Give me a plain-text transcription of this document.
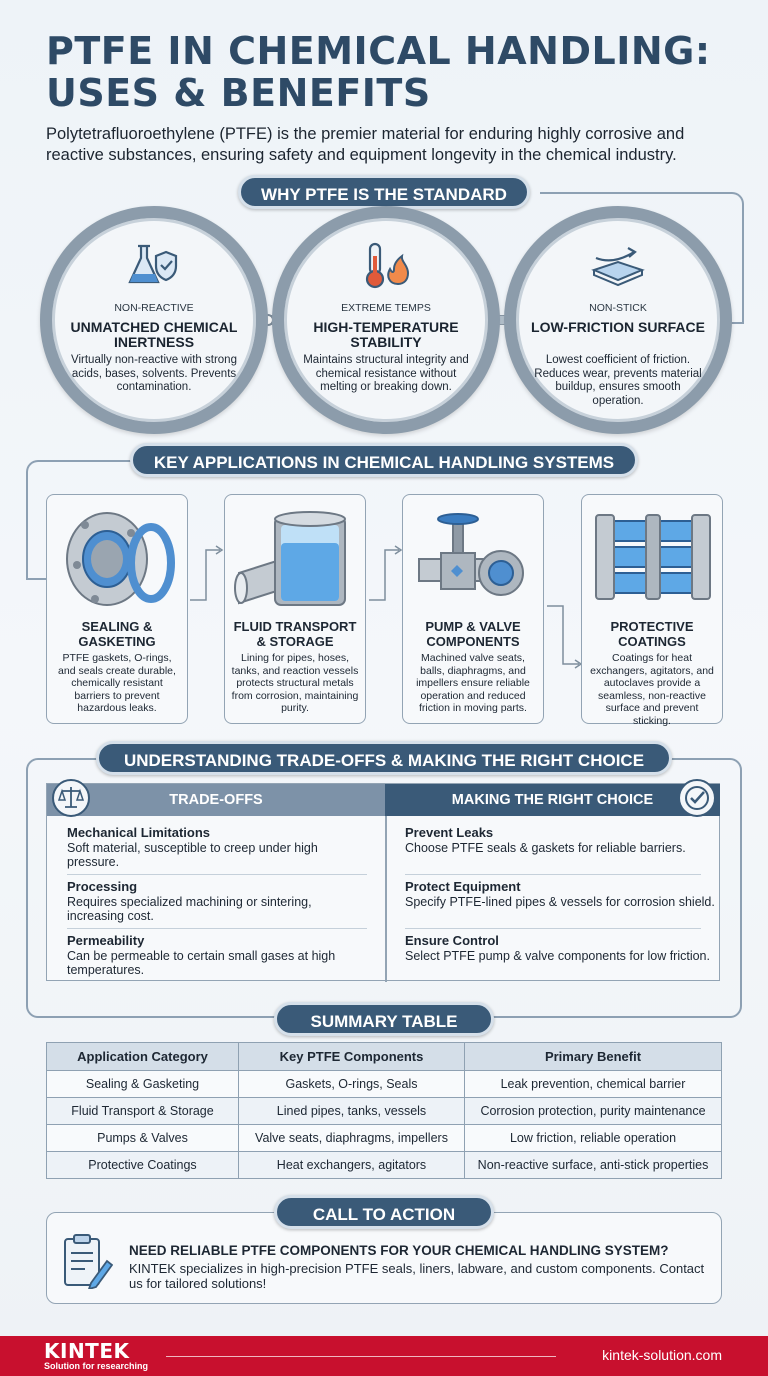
PTFE IN CHEMICAL HANDLING:
USES & BENEFITS
Polytetrafluoroethylene (PTFE) is the premier material for enduring highly corrosive and reactive substances, ensuring safety and equipment longevity in the chemical industry.
WHY PTFE IS THE STANDARD
NON-REACTIVE
UNMATCHED CHEMICAL INERTNESS
Virtually non-reactive with strong acids, bases, solvents. Prevents contamination.
EXTREME TEMPS
HIGH-TEMPERATURE STABILITY
Maintains structural integrity and chemical resistance without melting or breaking down.
NON-STICK
LOW-FRICTION SURFACE
Lowest coefficient of friction. Reduces wear, prevents material buildup, ensures smooth operation.
KEY APPLICATIONS IN CHEMICAL HANDLING SYSTEMS
SEALING & GASKETING
PTFE gaskets, O-rings, and seals create durable, chemically resistant barriers to prevent hazardous leaks.
FLUID TRANSPORT & STORAGE
Lining for pipes, hoses, tanks, and reaction vessels protects structural metals from corrosion, maintaining purity.
PUMP & VALVE COMPONENTS
Machined valve seats, balls, diaphragms, and impellers ensure reliable operation and reduced friction in moving parts.
PROTECTIVE COATINGS
Coatings for heat exchangers, agitators, and autoclaves provide a seamless, non-reactive surface and prevent sticking.
UNDERSTANDING TRADE-OFFS & MAKING THE RIGHT CHOICE
TRADE-OFFS	MAKING THE RIGHT CHOICE
Mechanical Limitations
Soft material, susceptible to creep under high pressure.
Processing
Requires specialized machining or sintering, increasing cost.
Permeability
Can be permeable to certain small gases at high temperatures.
Prevent Leaks
Choose PTFE seals & gaskets for reliable barriers.
Protect Equipment
Specify PTFE-lined pipes & vessels for corrosion shield.
Ensure Control
Select PTFE pump & valve components for low friction.
SUMMARY TABLE
Application Category	Key PTFE Components	Primary Benefit
Sealing & Gasketing	Gaskets, O-rings, Seals	Leak prevention, chemical barrier
Fluid Transport & Storage	Lined pipes, tanks, vessels	Corrosion protection, purity maintenance
Pumps & Valves	Valve seats, diaphragms, impellers	Low friction, reliable operation
Protective Coatings	Heat exchangers, agitators	Non-reactive surface, anti-stick properties
NEED RELIABLE PTFE COMPONENTS FOR YOUR CHEMICAL HANDLING SYSTEM?
KINTEK specializes in high-precision PTFE seals, liners, labware, and custom components. Contact us for tailored solutions!
CALL TO ACTION
KINTEK
Solution for researching
kintek-solution.com
